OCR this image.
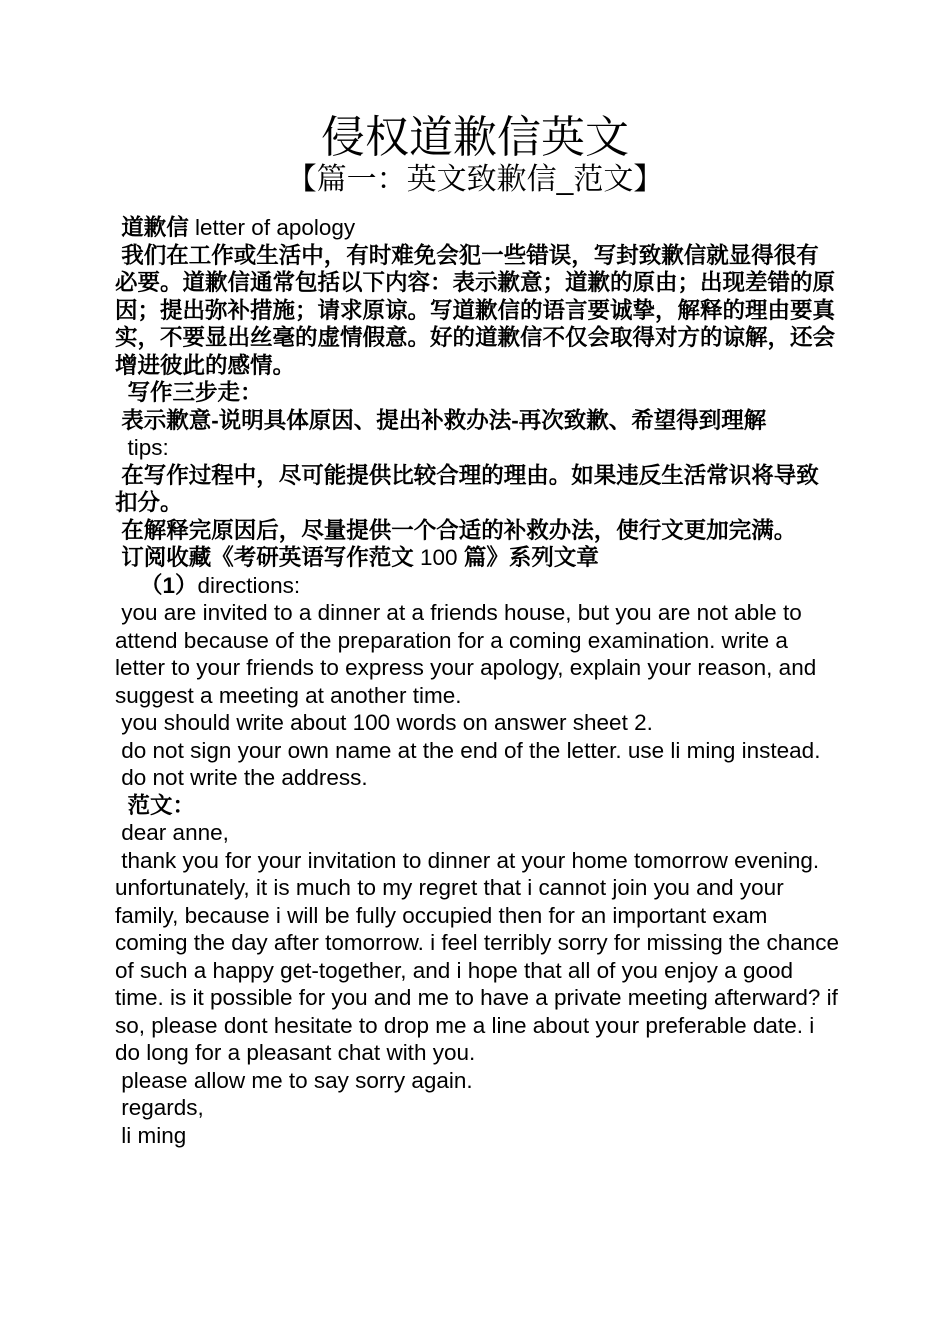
侵权道歉信英文
【篇一：英文致歉信_范文】

道歉信 letter of apology

我们在工作或生活中，有时难免会犯一些错误，写封致歉信就显得很有必要。道歉信通常包括以下内容：表示歉意；道歉的原由；出现差错的原因；提出弥补措施；请求原谅。写道歉信的语言要诚挚，解释的理由要真实，不要显出丝毫的虚情假意。好的道歉信不仅会取得对方的谅解，还会增进彼此的感情。

写作三步走：

表示歉意-说明具体原因、提出补救办法-再次致歉、希望得到理解

tips:

在写作过程中，尽可能提供比较合理的理由。如果违反生活常识将导致扣分。

在解释完原因后，尽量提供一个合适的补救办法，使行文更加完满。

订阅收藏《考研英语写作范文 100 篇》系列文章

（1）directions:

you are invited to a dinner at a friends house, but you are not able to attend because of the preparation for a coming examination. write a letter to your friends to express your apology, explain your reason, and suggest a meeting at another time.

you should write about 100 words on answer sheet 2.

do not sign your own name at the end of the letter. use li ming instead.

do not write the address.

范文：

dear anne,

thank you for your invitation to dinner at your home tomorrow evening. unfortunately, it is much to my regret that i cannot join you and your family, because i will be fully occupied then for an important exam coming the day after tomorrow. i feel terribly sorry for missing the chance of such a happy get-together, and i hope that all of you enjoy a good time. is it possible for you and me to have a private meeting afterward? if so, please dont hesitate to drop me a line about your preferable date. i do long for a pleasant chat with you.

please allow me to say sorry again.

regards,

li ming
